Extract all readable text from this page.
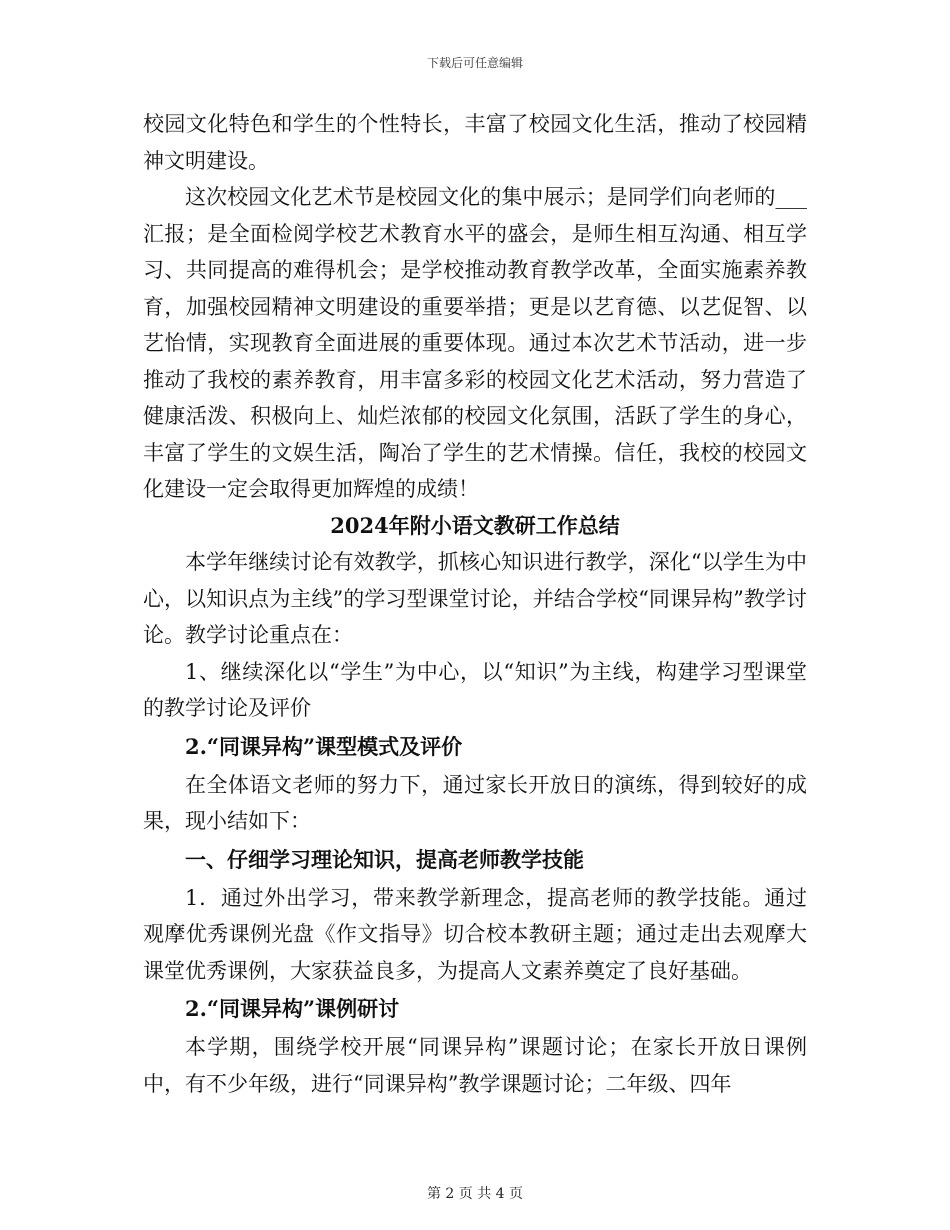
下载后可任意编辑

校园文化特色和学生的个性特长，丰富了校园文化生活，推动了校园精神文明建设。

这次校园文化艺术节是校园文化的集中展示；是同学们向老师的___汇报；是全面检阅学校艺术教育水平的盛会，是师生相互沟通、相互学习、共同提高的难得机会；是学校推动教育教学改革，全面实施素养教育，加强校园精神文明建设的重要举措；更是以艺育德、以艺促智、以艺怡情，实现教育全面进展的重要体现。通过本次艺术节活动，进一步推动了我校的素养教育，用丰富多彩的校园文化艺术活动，努力营造了健康活泼、积极向上、灿烂浓郁的校园文化氛围，活跃了学生的身心，丰富了学生的文娱生活，陶冶了学生的艺术情操。信任，我校的校园文化建设一定会取得更加辉煌的成绩！

2024年附小语文教研工作总结

本学年继续讨论有效教学，抓核心知识进行教学，深化“以学生为中心，以知识点为主线”的学习型课堂讨论，并结合学校“同课异构”教学讨论。教学讨论重点在：

1、继续深化以“学生”为中心，以“知识”为主线，构建学习型课堂的教学讨论及评价

2.“同课异构”课型模式及评价

在全体语文老师的努力下，通过家长开放日的演练，得到较好的成果，现小结如下：

一、仔细学习理论知识，提高老师教学技能

1．通过外出学习，带来教学新理念，提高老师的教学技能。通过观摩优秀课例光盘《作文指导》切合校本教研主题；通过走出去观摩大课堂优秀课例，大家获益良多，为提高人文素养奠定了良好基础。

2.“同课异构”课例研讨

本学期，围绕学校开展“同课异构”课题讨论；在家长开放日课例中，有不少年级，进行“同课异构”教学课题讨论；二年级、四年

第 2 页 共 4 页
